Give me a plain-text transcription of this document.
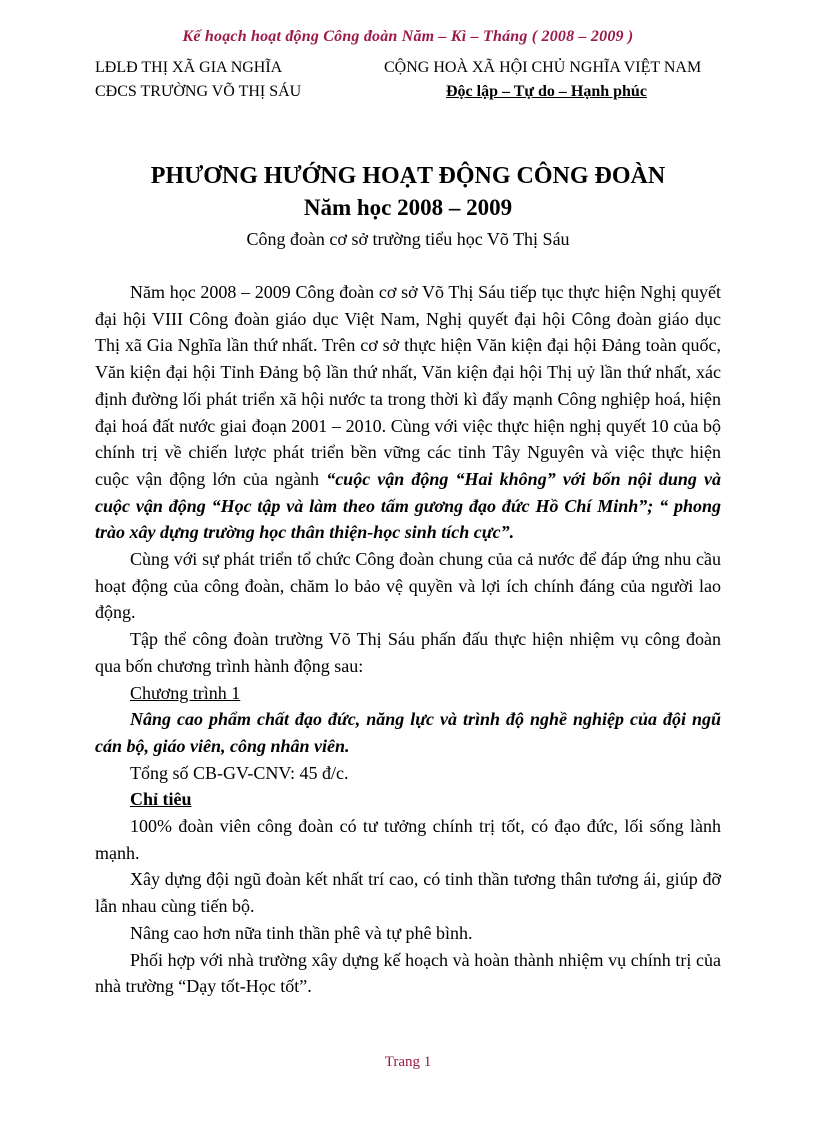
Kế hoạch hoạt động Công đoàn Năm – Kì – Tháng ( 2008 – 2009 )
LĐLĐ THỊ XÃ GIA NGHĨA
CĐCS TRƯỜNG VÕ THỊ SÁU
CỘNG HOÀ XÃ HỘI CHỦ NGHĨA VIỆT NAM
Độc lập – Tự do – Hạnh phúc

PHƯƠNG HƯỚNG HOẠT ĐỘNG CÔNG ĐOÀN

Năm học 2008 – 2009

Công đoàn cơ sở trường tiểu học Võ Thị Sáu

Năm học 2008 – 2009 Công đoàn cơ sở Võ Thị Sáu tiếp tục thực hiện Nghị quyết đại hội VIII Công đoàn giáo dục Việt Nam, Nghị quyết đại hội Công đoàn giáo dục Thị xã Gia Nghĩa lần thứ nhất. Trên cơ sở thực hiện Văn kiện đại hội Đảng toàn quốc, Văn kiện đại hội Tỉnh Đảng bộ lần thứ nhất, Văn kiện đại hội Thị uỷ lần thứ nhất, xác định đường lối phát triển xã hội nước ta trong thời kì đẩy mạnh Công nghiệp hoá, hiện đại hoá đất nước giai đoạn 2001 – 2010. Cùng với việc thực hiện nghị quyết 10 của bộ chính trị về chiến lược phát triển bền vững các tỉnh Tây Nguyên và việc thực hiện cuộc vận động lớn của ngành “cuộc vận động “Hai không” với bốn nội dung và cuộc vận động “Học tập và làm theo tấm gương đạo đức Hồ Chí Minh”; “ phong trào xây dựng trường học thân thiện-học sinh tích cực”.

Cùng với sự phát triển tổ chức Công đoàn chung của cả nước để đáp ứng nhu cầu hoạt động của công đoàn, chăm lo bảo vệ quyền và lợi ích chính đáng của người lao động.

Tập thể công đoàn trường Võ Thị Sáu phấn đấu thực hiện nhiệm vụ công đoàn qua bốn chương trình hành động sau:

Chương trình 1

Nâng cao phẩm chất đạo đức, năng lực và trình độ nghề nghiệp của đội ngũ cán bộ, giáo viên, công nhân viên.

Tổng số CB-GV-CNV: 45 đ/c.

Chỉ tiêu

100% đoàn viên công đoàn có tư tưởng chính trị tốt, có đạo đức, lối sống lành mạnh.

Xây dựng đội ngũ đoàn kết nhất trí cao, có tinh thần tương thân tương ái, giúp đỡ lẫn nhau cùng tiến bộ.

Nâng cao hơn nữa tinh thần phê và tự phê bình.

Phối hợp với nhà trường xây dựng kế hoạch và hoàn thành nhiệm vụ chính trị của nhà trường “Dạy tốt-Học tốt”.

Trang 1
